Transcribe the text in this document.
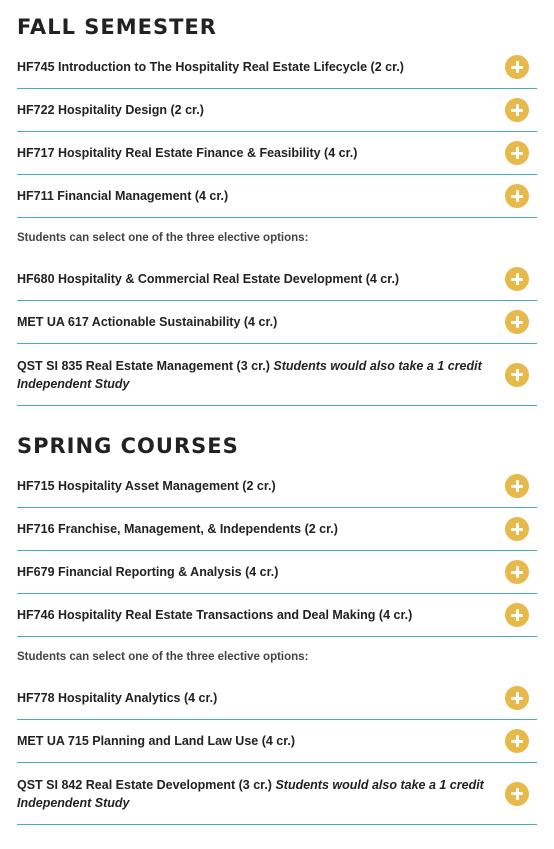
FALL SEMESTER
HF745 Introduction to The Hospitality Real Estate Lifecycle (2 cr.)
HF722 Hospitality Design (2 cr.)
HF717 Hospitality Real Estate Finance & Feasibility (4 cr.)
HF711 Financial Management (4 cr.)
Students can select one of the three elective options:
HF680 Hospitality & Commercial Real Estate Development (4 cr.)
MET UA 617 Actionable Sustainability (4 cr.)
QST SI 835 Real Estate Management (3 cr.) Students would also take a 1 credit Independent Study
SPRING COURSES
HF715 Hospitality Asset Management (2 cr.)
HF716 Franchise, Management, & Independents (2 cr.)
HF679 Financial Reporting & Analysis (4 cr.)
HF746 Hospitality Real Estate Transactions and Deal Making (4 cr.)
Students can select one of the three elective options:
HF778 Hospitality Analytics (4 cr.)
MET UA 715 Planning and Land Law Use (4 cr.)
QST SI 842 Real Estate Development (3 cr.) Students would also take a 1 credit Independent Study
